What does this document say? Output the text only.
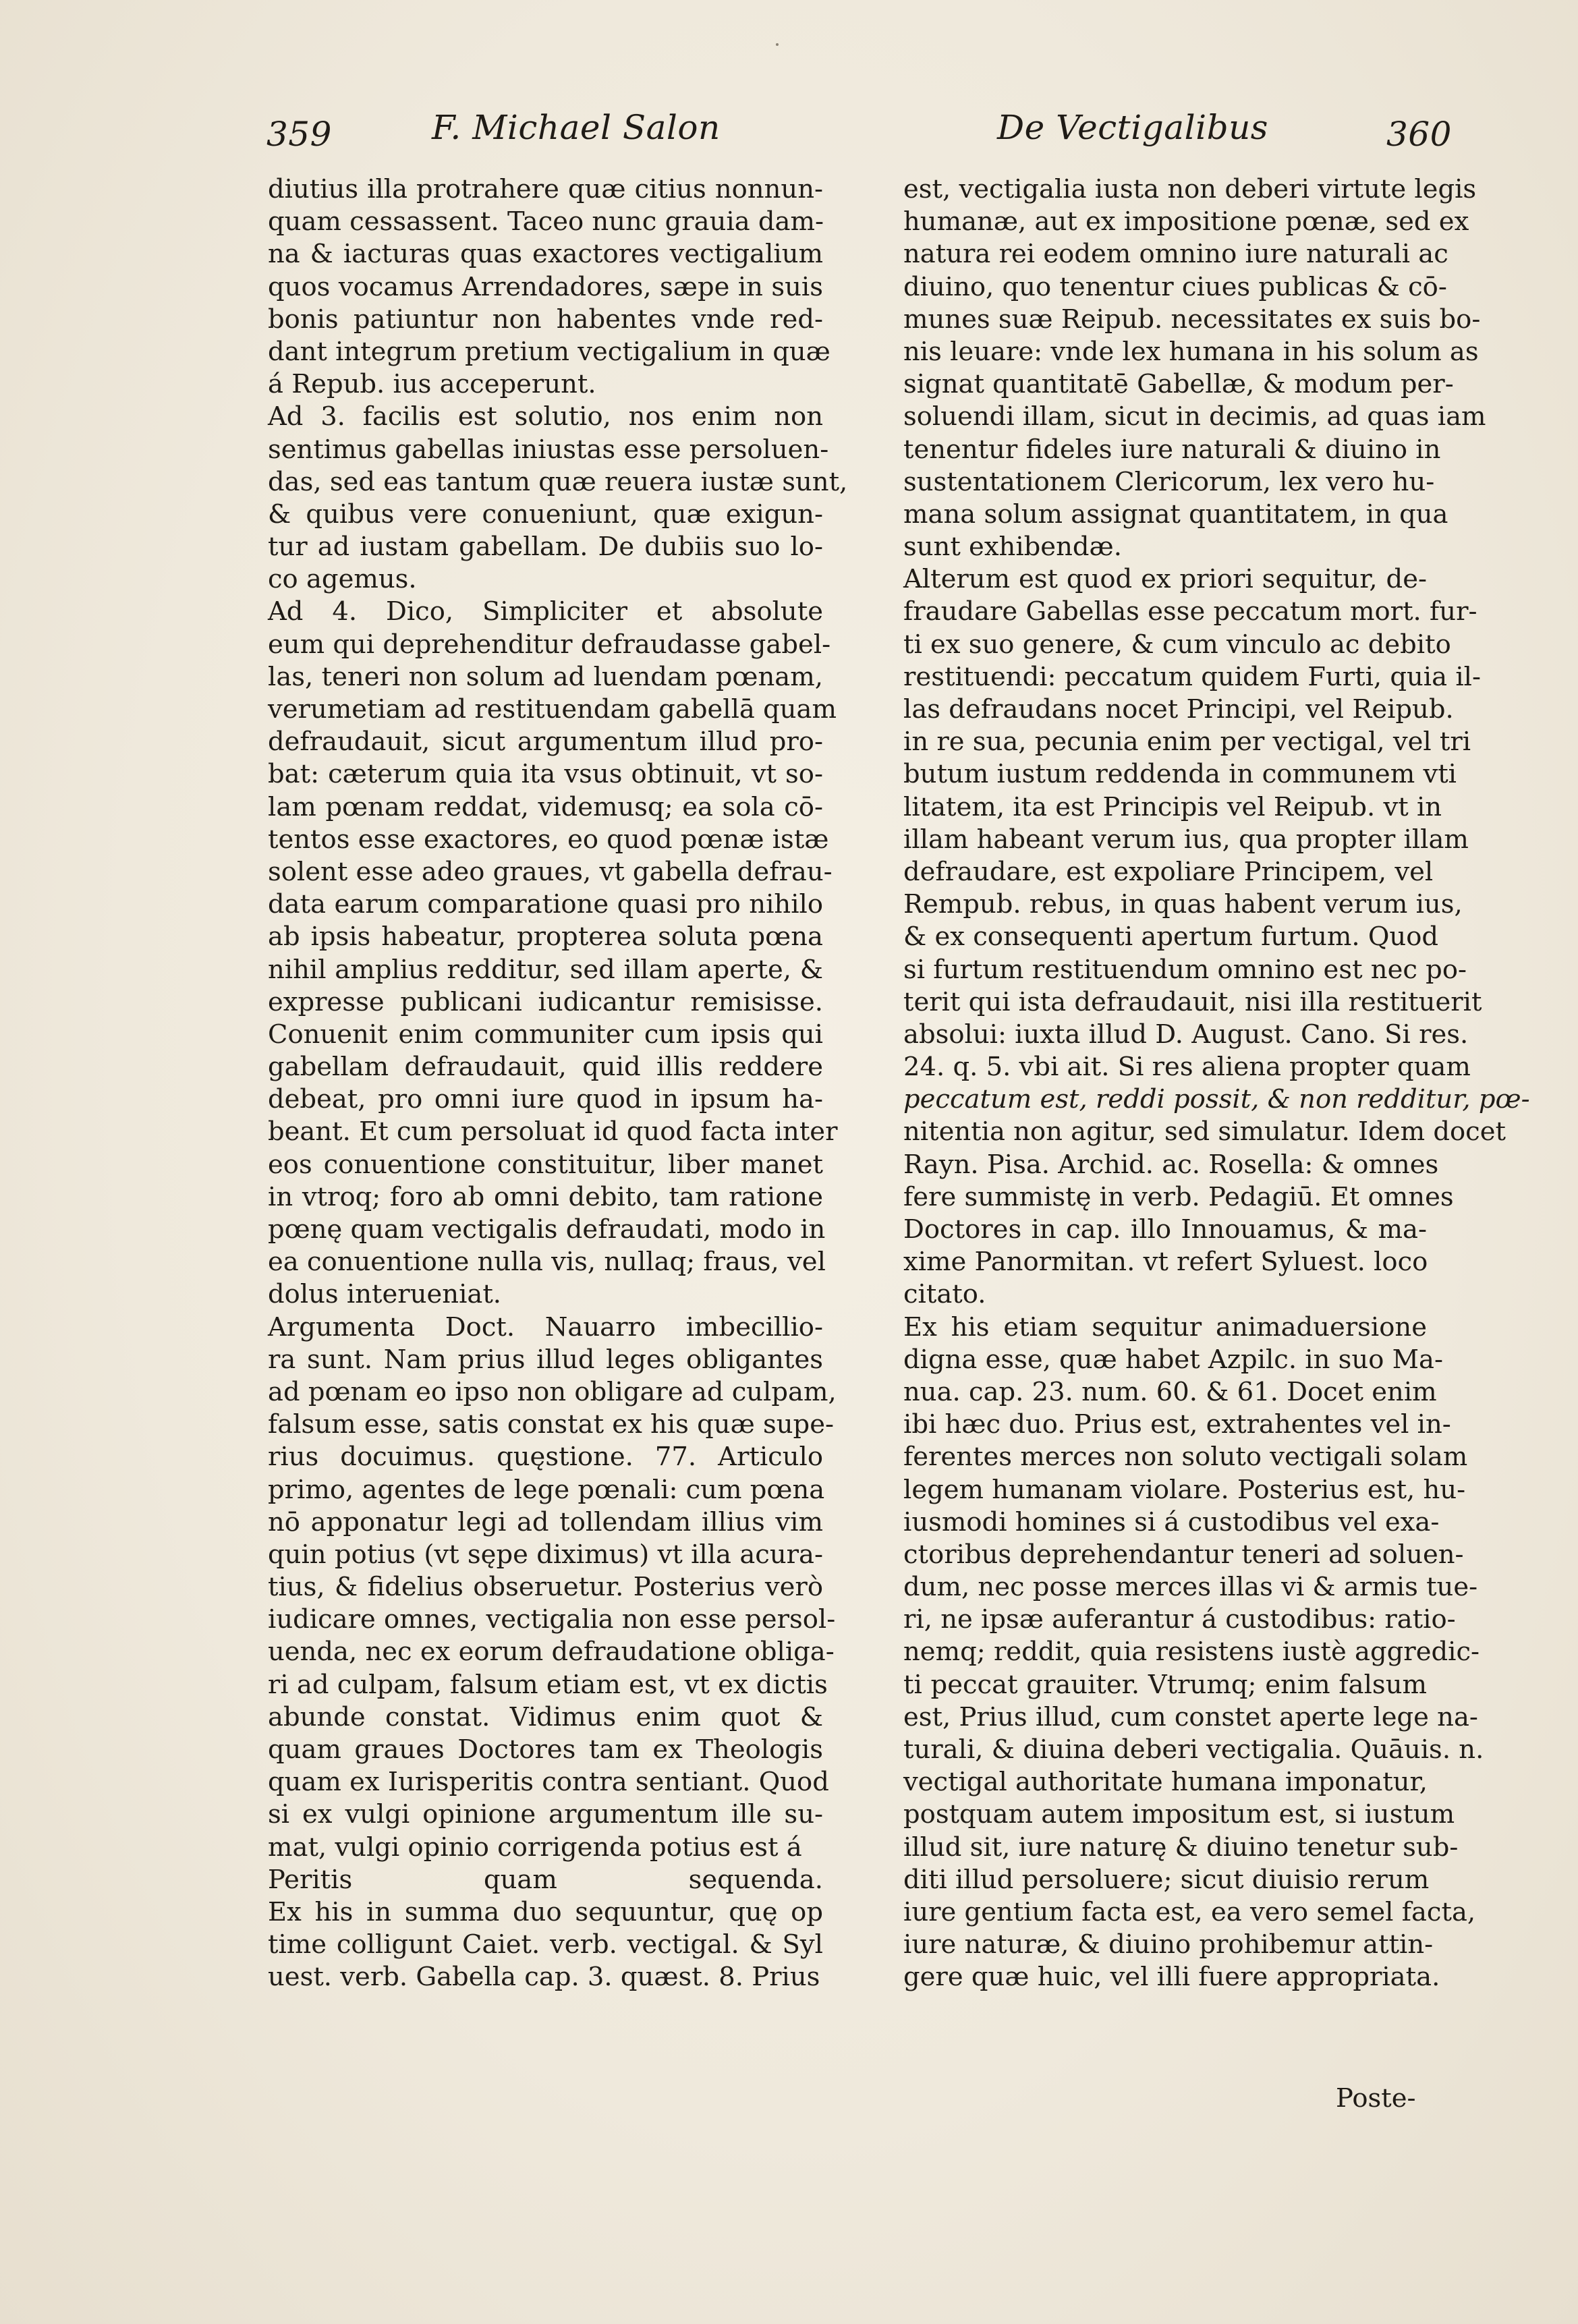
359	F. Michael Salon	De Vectigalibus	360
diutius illa protrahere quæ citius nonnun-
quam cessassent. Taceo nunc grauia dam-
na & iacturas quas exactores vectigalium
quos vocamus Arrendadores, sæpe in suis
bonis patiuntur non habentes vnde red-
dant integrum pretium vectigalium in quæ
á Repub. ius acceperunt.
Ad 3. facilis est solutio, nos enim non
sentimus gabellas iniustas esse persoluen-
das, sed eas tantum quæ reuera iustæ sunt,
& quibus vere conueniunt, quæ exigun-
tur ad iustam gabellam. De dubiis suo lo-
co agemus.
Ad 4. Dico, Simpliciter et absolute
eum qui deprehenditur defraudasse gabel-
las, teneri non solum ad luendam pœnam,
verumetiam ad restituendam gabellā quam
defraudauit, sicut argumentum illud pro-
bat: cæterum quia ita vsus obtinuit, vt so-
lam pœnam reddat, videmusq; ea sola cō-
tentos esse exactores, eo quod pœnæ istæ
solent esse adeo graues, vt gabella defrau-
data earum comparatione quasi pro nihilo
ab ipsis habeatur, propterea soluta pœna
nihil amplius redditur, sed illam aperte, &
expresse publicani iudicantur remisisse.
Conuenit enim communiter cum ipsis qui
gabellam defraudauit, quid illis reddere
debeat, pro omni iure quod in ipsum ha-
beant. Et cum persoluat id quod facta inter
eos conuentione constituitur, liber manet
in vtroq; foro ab omni debito, tam ratione
pœnę quam vectigalis defraudati, modo in
ea conuentione nulla vis, nullaq; fraus, vel
dolus interueniat.
Argumenta Doct. Nauarro imbecillio-
ra sunt. Nam prius illud leges obligantes
ad pœnam eo ipso non obligare ad culpam,
falsum esse, satis constat ex his quæ supe-
rius docuimus. quęstione. 77. Articulo
primo, agentes de lege pœnali: cum pœna
nō apponatur legi ad tollendam illius vim
quin potius (vt sępe diximus) vt illa acura-
tius, & fidelius obseruetur. Posterius verò
iudicare omnes, vectigalia non esse persol-
uenda, nec ex eorum defraudatione obliga-
ri ad culpam, falsum etiam est, vt ex dictis
abunde constat. Vidimus enim quot &
quam graues Doctores tam ex Theologis
quam ex Iurisperitis contra sentiant. Quod
si ex vulgi opinione argumentum ille su-
mat, vulgi opinio corrigenda potius est á
Peritis quam sequenda.
Ex his in summa duo sequuntur, quę op
time colligunt Caiet. verb. vectigal. & Syl
uest. verb. Gabella cap. 3. quæst. 8. Prius
est, vectigalia iusta non deberi virtute legis
humanæ, aut ex impositione pœnæ, sed ex
natura rei eodem omnino iure naturali ac
diuino, quo tenentur ciues publicas & cō-
munes suæ Reipub. necessitates ex suis bo-
nis leuare: vnde lex humana in his solum as
signat quantitatē Gabellæ, & modum per-
soluendi illam, sicut in decimis, ad quas iam
tenentur fideles iure naturali & diuino in
sustentationem Clericorum, lex vero hu-
mana solum assignat quantitatem, in qua
sunt exhibendæ.
Alterum est quod ex priori sequitur, de-
fraudare Gabellas esse peccatum mort. fur-
ti ex suo genere, & cum vinculo ac debito
restituendi: peccatum quidem Furti, quia il-
las defraudans nocet Principi, vel Reipub.
in re sua, pecunia enim per vectigal, vel tri
butum iustum reddenda in communem vti
litatem, ita est Principis vel Reipub. vt in
illam habeant verum ius, qua propter illam
defraudare, est expoliare Principem, vel
Rempub. rebus, in quas habent verum ius,
& ex consequenti apertum furtum. Quod
si furtum restituendum omnino est nec po-
terit qui ista defraudauit, nisi illa restituerit
absolui: iuxta illud D. August. Cano. Si res.
24. q. 5. vbi ait. Si res aliena propter quam
peccatum est, reddi possit, & non redditur, pœ-
nitentia non agitur, sed simulatur. Idem docet
Rayn. Pisa. Archid. ac. Rosella: & omnes
fere summistę in verb. Pedagiū. Et omnes
Doctores in cap. illo Innouamus, & ma-
xime Panormitan. vt refert Syluest. loco
citato.
Ex his etiam sequitur animaduersione
digna esse, quæ habet Azpilc. in suo Ma-
nua. cap. 23. num. 60. & 61. Docet enim
ibi hæc duo. Prius est, extrahentes vel in-
ferentes merces non soluto vectigali solam
legem humanam violare. Posterius est, hu-
iusmodi homines si á custodibus vel exa-
ctoribus deprehendantur teneri ad soluen-
dum, nec posse merces illas vi & armis tue-
ri, ne ipsæ auferantur á custodibus: ratio-
nemq; reddit, quia resistens iustè aggredic-
ti peccat grauiter. Vtrumq; enim falsum
est, Prius illud, cum constet aperte lege na-
turali, & diuina deberi vectigalia. Quāuis. n.
vectigal authoritate humana imponatur,
postquam autem impositum est, si iustum
illud sit, iure naturę & diuino tenetur sub-
diti illud persoluere; sicut diuisio rerum
iure gentium facta est, ea vero semel facta,
iure naturæ, & diuino prohibemur attin-
gere quæ huic, vel illi fuere appropriata.
Poste-
